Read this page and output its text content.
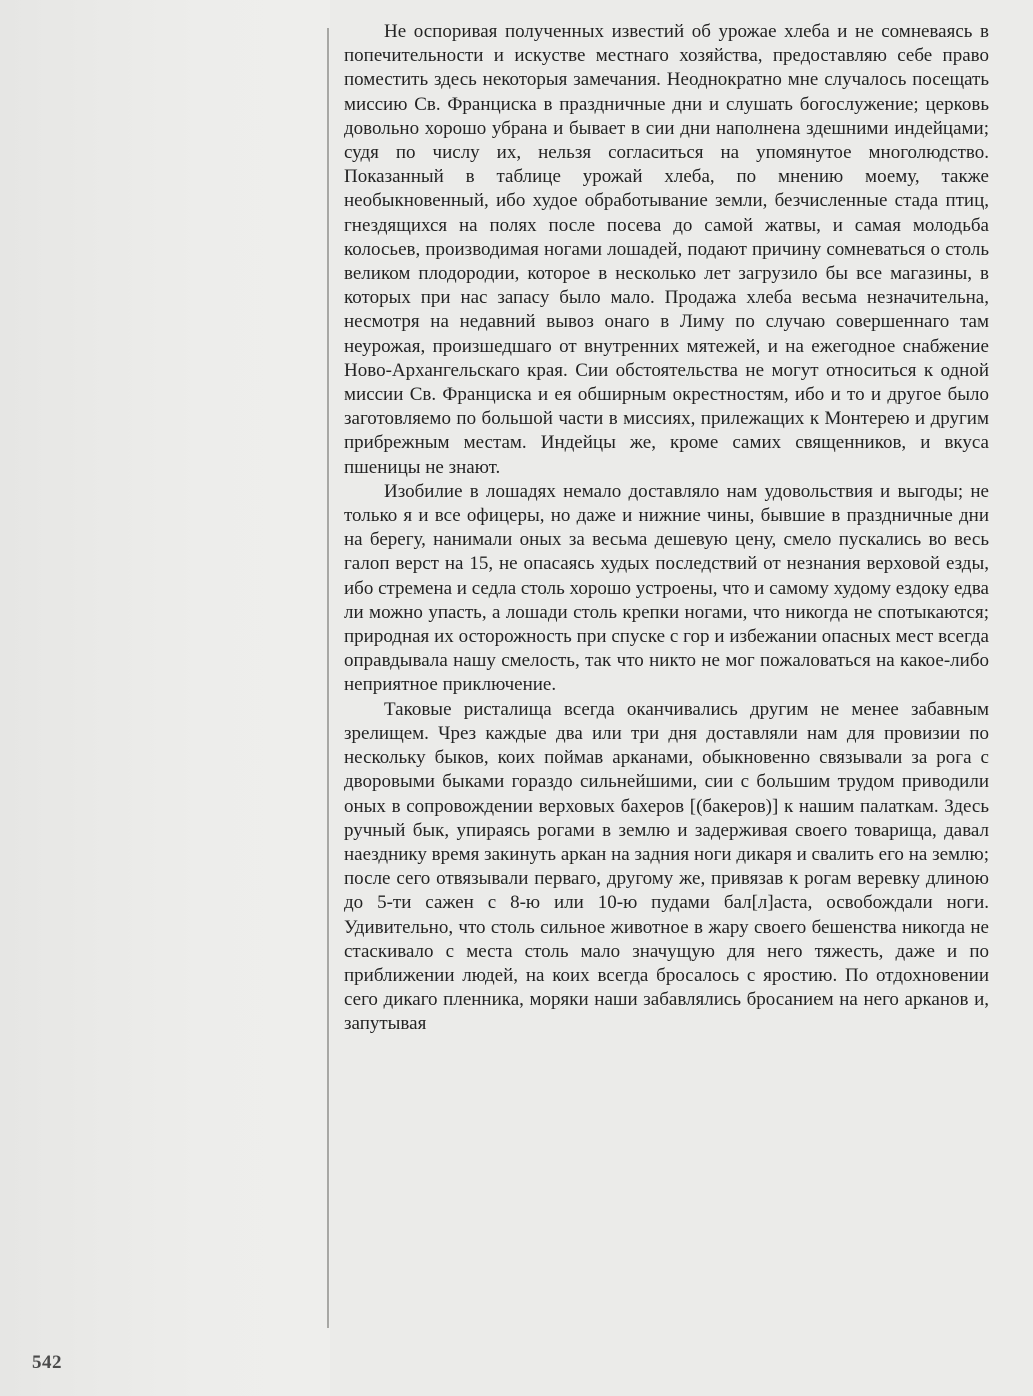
Не оспоривая полученных известий об урожае хлеба и не сомневаясь в попечительности и искустве местнаго хозяйства, предоставляю себе право поместить здесь некоторыя замечания. Неоднократно мне случалось посещать миссию Св. Франциска в праздничные дни и слушать богослужение; церковь довольно хорошо убрана и бывает в сии дни наполнена здешними индейцами; судя по числу их, нельзя согласиться на упомянутое многолюдство. Показанный в таблице урожай хлеба, по мнению моему, также необыкновенный, ибо худое обработывание земли, безчисленные стада птиц, гнездящихся на полях после посева до самой жатвы, и самая молодьба колосьев, производимая ногами лошадей, подают причину сомневаться о столь великом плодородии, которое в несколько лет загрузило бы все магазины, в которых при нас запасу было мало. Продажа хлеба весьма незначительна, несмотря на недавний вывоз онаго в Лиму по случаю совершеннаго там неурожая, произшедшаго от внутренних мятежей, и на ежегодное снабжение Ново-Архангельскаго края. Сии обстоятельства не могут относиться к одной миссии Св. Франциска и ея обширным окрестностям, ибо и то и другое было заготовляемо по большой части в миссиях, прилежащих к Монтерею и другим прибрежным местам. Индейцы же, кроме самих священников, и вкуса пшеницы не знают.

Изобилие в лошадях немало доставляло нам удовольствия и выгоды; не только я и все офицеры, но даже и нижние чины, бывшие в праздничные дни на берегу, нанимали оных за весьма дешевую цену, смело пускались во весь галоп верст на 15, не опасаясь худых последствий от незнания верховой езды, ибо стремена и седла столь хорошо устроены, что и самому худому ездоку едва ли можно упасть, а лошади столь крепки ногами, что никогда не спотыкаются; природная их осторожность при спуске с гор и избежании опасных мест всегда оправдывала нашу смелость, так что никто не мог пожаловаться на какое-либо неприятное приключение.

Таковые ристалища всегда оканчивались другим не менее забавным зрелищем. Чрез каждые два или три дня доставляли нам для провизии по нескольку быков, коих поймав арканами, обыкновенно связывали за рога с дворовыми быками гораздо сильнейшими, сии с большим трудом приводили оных в сопровождении верховых бахеров [(бакеров)] к нашим палаткам. Здесь ручный бык, упираясь рогами в землю и задерживая своего товарища, давал наезднику время закинуть аркан на задния ноги дикаря и свалить его на землю; после сего отвязывали перваго, другому же, привязав к рогам веревку длиною до 5-ти сажен с 8-ю или 10-ю пудами бал[л]аста, освобождали ноги. Удивительно, что столь сильное животное в жару своего бешенства никогда не стаскивало с места столь мало значущую для него тяжесть, даже и по приближении людей, на коих всегда бросалось с яростию. По отдохновении сего дикаго пленника, моряки наши забавлялись бросанием на него арканов и, запутывая

542
